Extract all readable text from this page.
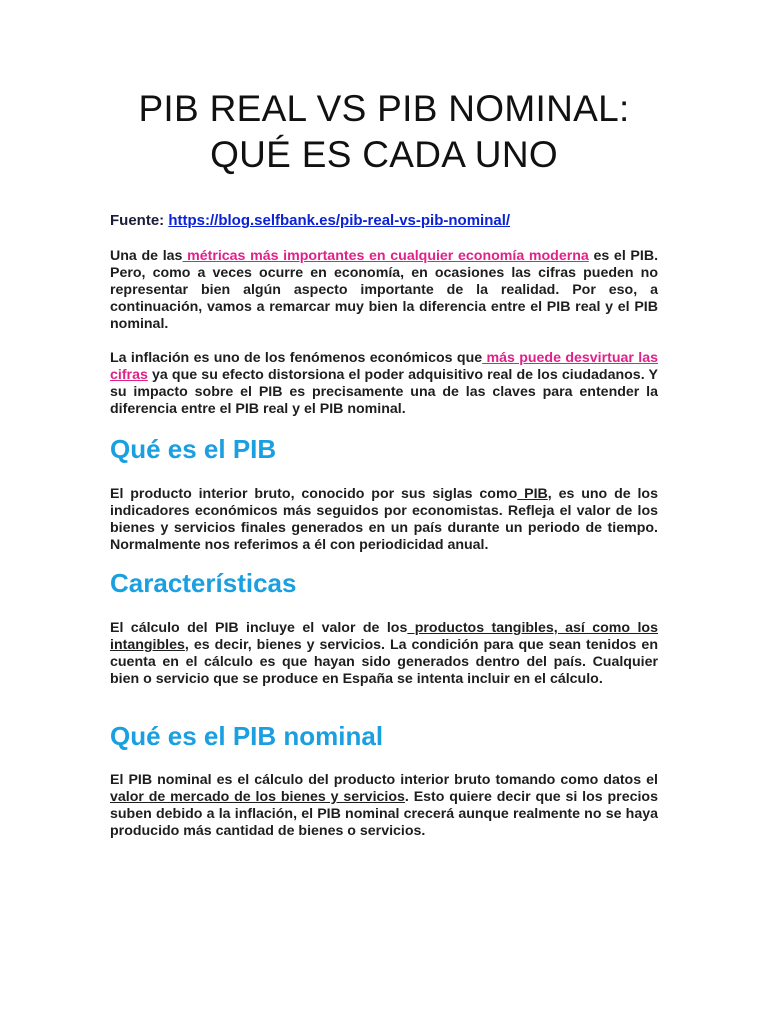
PIB REAL VS PIB NOMINAL:
QUÉ ES CADA UNO
Fuente: https://blog.selfbank.es/pib-real-vs-pib-nominal/

Una de las métricas más importantes en cualquier economía moderna es el PIB. Pero, como a veces ocurre en economía, en ocasiones las cifras pueden no representar bien algún aspecto importante de la realidad. Por eso, a continuación, vamos a remarcar muy bien la diferencia entre el PIB real y el PIB nominal.

La inflación es uno de los fenómenos económicos que más puede desvirtuar las cifras ya que su efecto distorsiona el poder adquisitivo real de los ciudadanos. Y su impacto sobre el PIB es precisamente una de las claves para entender la diferencia entre el PIB real y el PIB nominal.

Qué es el PIB

El producto interior bruto, conocido por sus siglas como PIB, es uno de los indicadores económicos más seguidos por economistas. Refleja el valor de los bienes y servicios finales generados en un país durante un periodo de tiempo. Normalmente nos referimos a él con periodicidad anual.

Características

El cálculo del PIB incluye el valor de los productos tangibles, así como los intangibles, es decir, bienes y servicios. La condición para que sean tenidos en cuenta en el cálculo es que hayan sido generados dentro del país. Cualquier bien o servicio que se produce en España se intenta incluir en el cálculo.

Qué es el PIB nominal

El PIB nominal es el cálculo del producto interior bruto tomando como datos el valor de mercado de los bienes y servicios. Esto quiere decir que si los precios suben debido a la inflación, el PIB nominal crecerá aunque realmente no se haya producido más cantidad de bienes o servicios.
